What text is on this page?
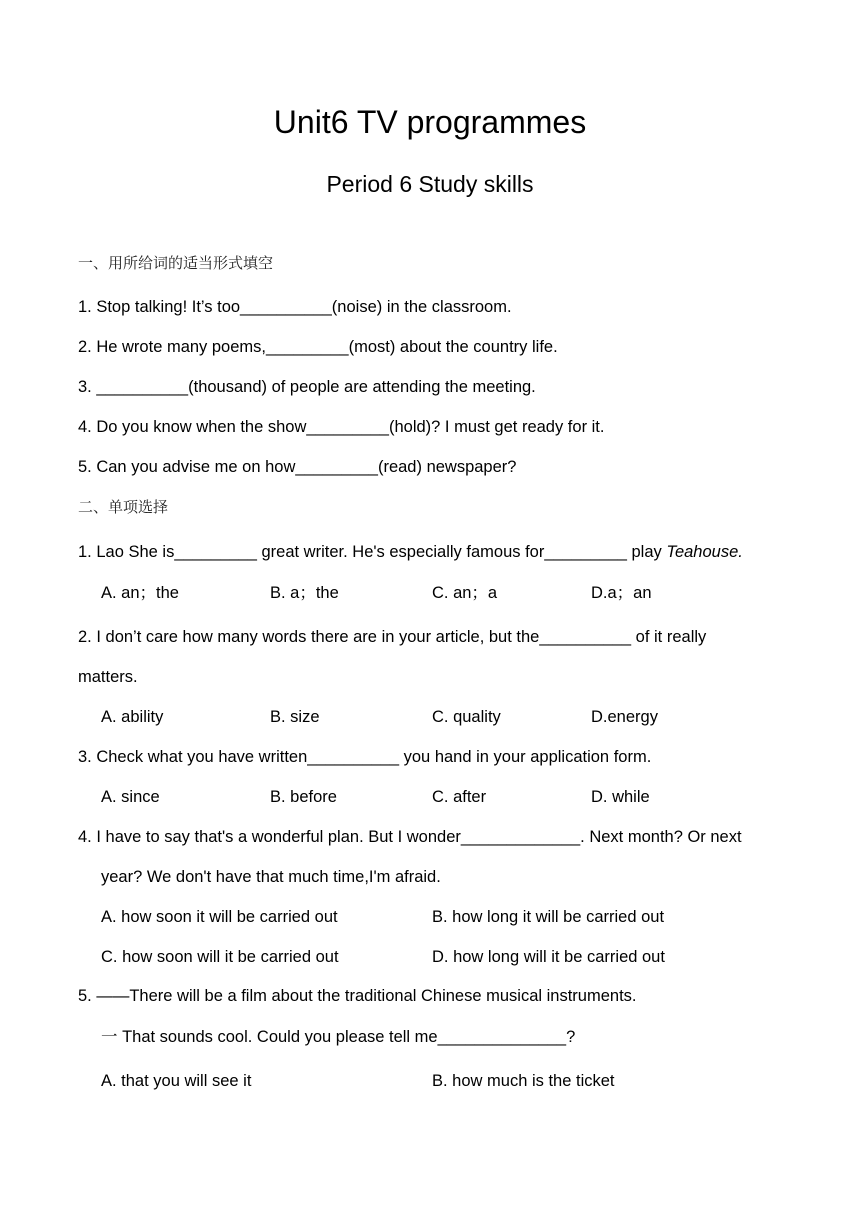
Unit6 TV programmes
Period 6 Study skills
一、用所给词的适当形式填空
1. Stop talking! It’s too__________(noise) in the classroom.
2. He wrote many poems,_________(most) about the country life.
3. __________(thousand) of people are attending the meeting.
4. Do you know when the show_________(hold)? I must get ready for it.
5. Can you advise me on how_________(read) newspaper?
二、单项选择
1. Lao She is_________ great writer. He's especially famous for_________ play Teahouse.
A. an；the	B. a；the	C. an；a	D.a；an
2. I don’t care how many words there are in your article, but the__________ of it really
matters.
A. ability	B. size	C. quality	D.energy
3. Check what you have written__________ you hand in your application form.
A. since	B. before	C. after	D. while
4. I have to say that's a wonderful plan. But I wonder_____________. Next month? Or next
year? We don't have that much time,I'm afraid.
A. how soon it will be carried out	B. how long it will be carried out
C. how soon will it be carried out	D. how long will it be carried out
5. ——There will be a film about the traditional Chinese musical instruments.
一 That sounds cool. Could you please tell me______________?
A. that you will see it	B. how much is the ticket
